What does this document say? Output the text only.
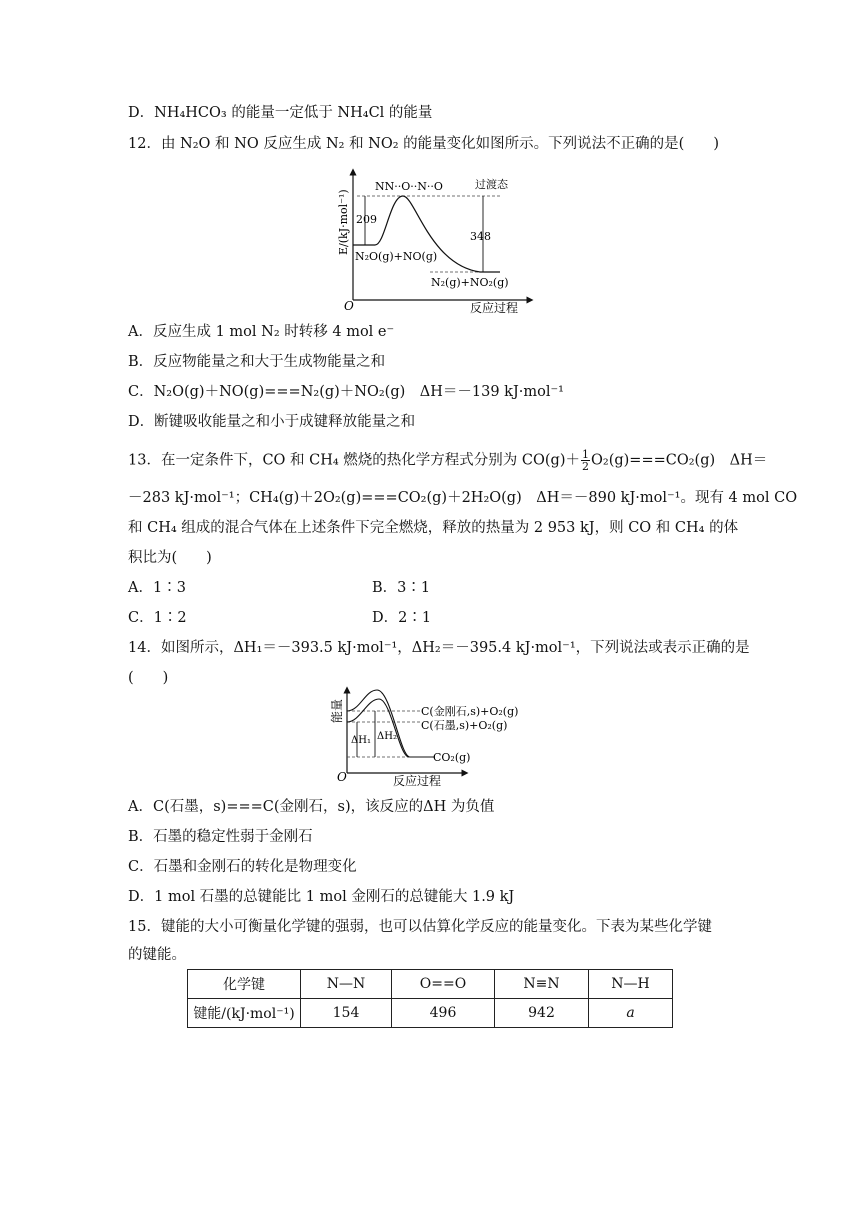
D．NH₄HCO₃ 的能量一定低于 NH₄Cl 的能量
12．由 N₂O 和 NO 反应生成 N₂ 和 NO₂ 的能量变化如图所示。下列说法不正确的是(　　)
E/(kJ·mol⁻¹)
O	反应过程
NN··O··N··O	过渡态
209
348
N₂O(g)+NO(g)
N₂(g)+NO₂(g)
A．反应生成 1 mol N₂ 时转移 4 mol e⁻
B．反应物能量之和大于生成物能量之和
C．N₂O(g)＋NO(g)===N₂(g)＋NO₂(g)　ΔH＝－139 kJ·mol⁻¹
D．断键吸收能量之和小于成键释放能量之和
13．在一定条件下，CO 和 CH₄ 燃烧的热化学方程式分别为 $CO(g)+ \frac{1}{2} O_2(g)===CO_2(g)$　ΔH＝
－283 kJ·mol⁻¹；CH₄(g)＋2O₂(g)===CO₂(g)＋2H₂O(g)　ΔH＝－890 kJ·mol⁻¹。现有 4 mol CO
和 CH₄ 组成的混合气体在上述条件下完全燃烧，释放的热量为 2 953 kJ，则 CO 和 CH₄ 的体
积比为(　　)
A．1∶3	B．3∶1
C．1∶2	D．2∶1
14．如图所示，ΔH₁＝－393.5 kJ·mol⁻¹，ΔH₂＝－395.4 kJ·mol⁻¹，下列说法或表示正确的是
(　　)
能量
O	反应过程
ΔH₁ ΔH₂
C(金刚石,s)+O₂(g)
C(石墨,s)+O₂(g)
CO₂(g)
A．C(石墨，s)===C(金刚石，s)，该反应的ΔH 为负值
B．石墨的稳定性弱于金刚石
C．石墨和金刚石的转化是物理变化
D．1 mol 石墨的总键能比 1 mol 金刚石的总键能大 1.9 kJ
15．键能的大小可衡量化学键的强弱，也可以估算化学反应的能量变化。下表为某些化学键
的键能。
化学键	N—N	O==O	N≡N	N—H
键能/(kJ·mol⁻¹)	154	496	942	a
